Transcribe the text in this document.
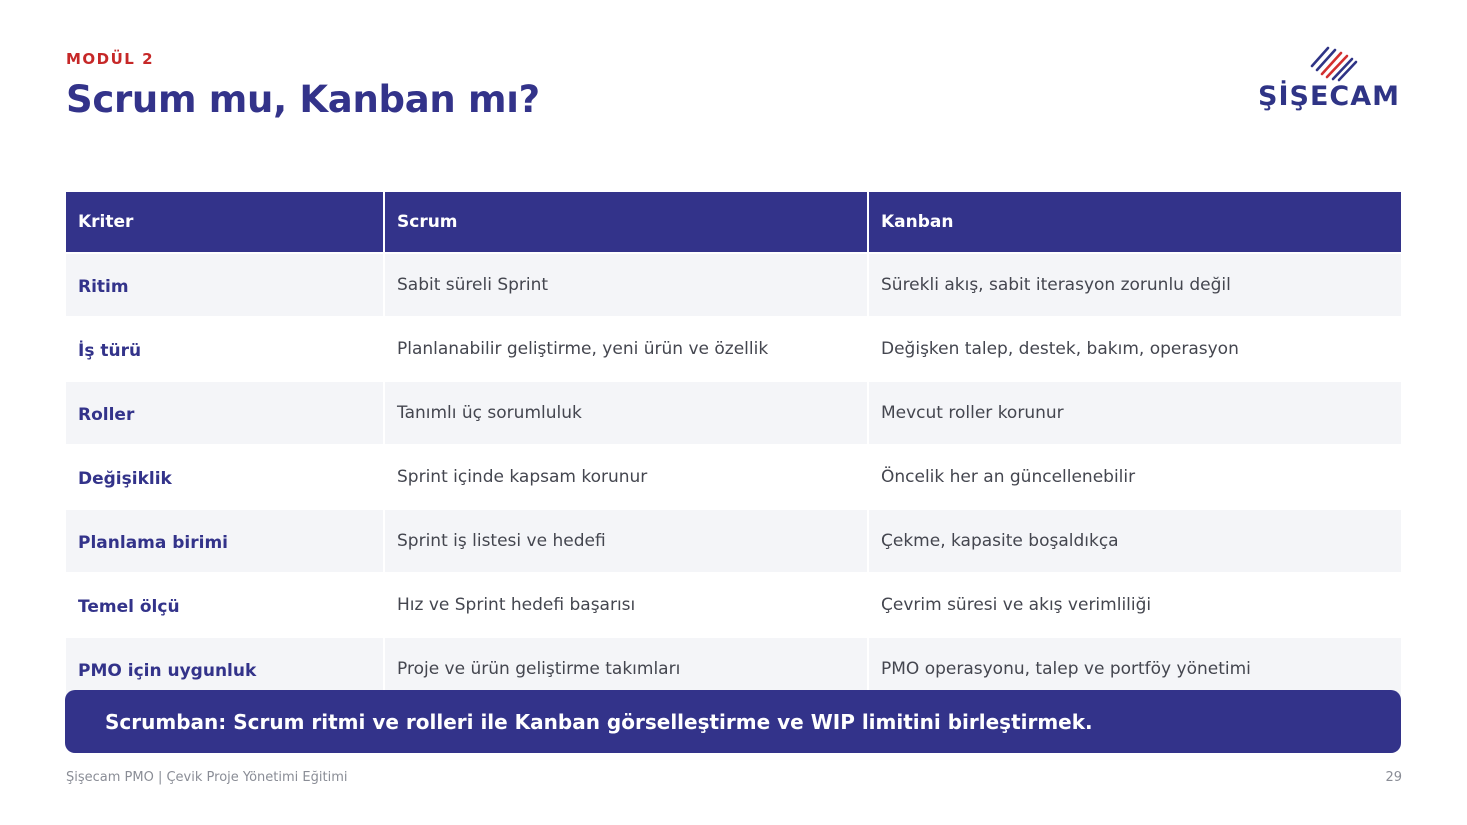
MODÜL 2
Scrum mu, Kanban mı?	ŞİŞECAM
Kriter	Scrum	Kanban
Ritim	Sabit süreli Sprint	Sürekli akış, sabit iterasyon zorunlu değil
İş türü	Planlanabilir geliştirme, yeni ürün ve özellik	Değişken talep, destek, bakım, operasyon
Roller	Tanımlı üç sorumluluk	Mevcut roller korunur
Değişiklik	Sprint içinde kapsam korunur	Öncelik her an güncellenebilir
Planlama birimi	Sprint iş listesi ve hedefi	Çekme, kapasite boşaldıkça
Temel ölçü	Hız ve Sprint hedefi başarısı	Çevrim süresi ve akış verimliliği
PMO için uygunluk	Proje ve ürün geliştirme takımları	PMO operasyonu, talep ve portföy yönetimi
Scrumban: Scrum ritmi ve rolleri ile Kanban görselleştirme ve WIP limitini birleştirmek.
Şişecam PMO | Çevik Proje Yönetimi Eğitimi	29
